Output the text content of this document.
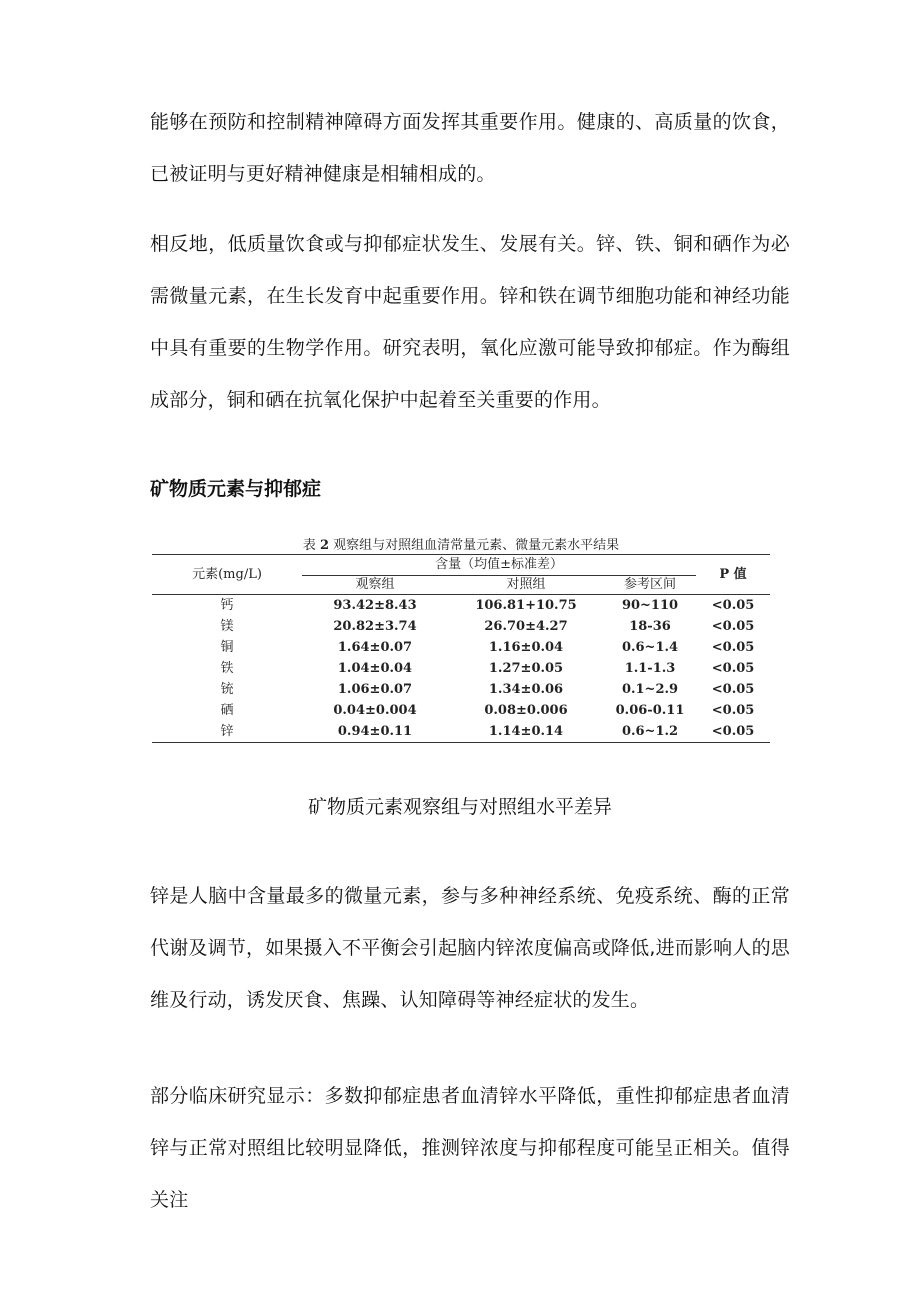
能够在预防和控制精神障碍方面发挥其重要作用。健康的、高质量的饮食，已被证明与更好精神健康是相辅相成的。

相反地，低质量饮食或与抑郁症状发生、发展有关。锌、铁、铜和硒作为必需微量元素，在生长发育中起重要作用。锌和铁在调节细胞功能和神经功能中具有重要的生物学作用。研究表明，氧化应激可能导致抑郁症。作为酶组成部分，铜和硒在抗氧化保护中起着至关重要的作用。

矿物质元素与抑郁症

表 2 观察组与对照组血清常量元素、微量元素水平结果
元素(mg/L)	含量（均值±标准差）			P 值
	观察组	对照组	参考区间	
钙	93.42±8.43	106.81+10.75	90~110	<0.05
镁	20.82±3.74	26.70±4.27	18-36	<0.05
铜	1.64±0.07	1.16±0.04	0.6~1.4	<0.05
铁	1.04±0.04	1.27±0.05	1.1-1.3	<0.05
铳	1.06±0.07	1.34±0.06	0.1~2.9	<0.05
硒	0.04±0.004	0.08±0.006	0.06-0.11	<0.05
锌	0.94±0.11	1.14±0.14	0.6~1.2	<0.05

矿物质元素观察组与对照组水平差异

锌是人脑中含量最多的微量元素，参与多种神经系统、免疫系统、酶的正常代谢及调节，如果摄入不平衡会引起脑内锌浓度偏高或降低,进而影响人的思维及行动，诱发厌食、焦躁、认知障碍等神经症状的发生。

部分临床研究显示：多数抑郁症患者血清锌水平降低，重性抑郁症患者血清锌与正常对照组比较明显降低，推测锌浓度与抑郁程度可能呈正相关。值得关注
